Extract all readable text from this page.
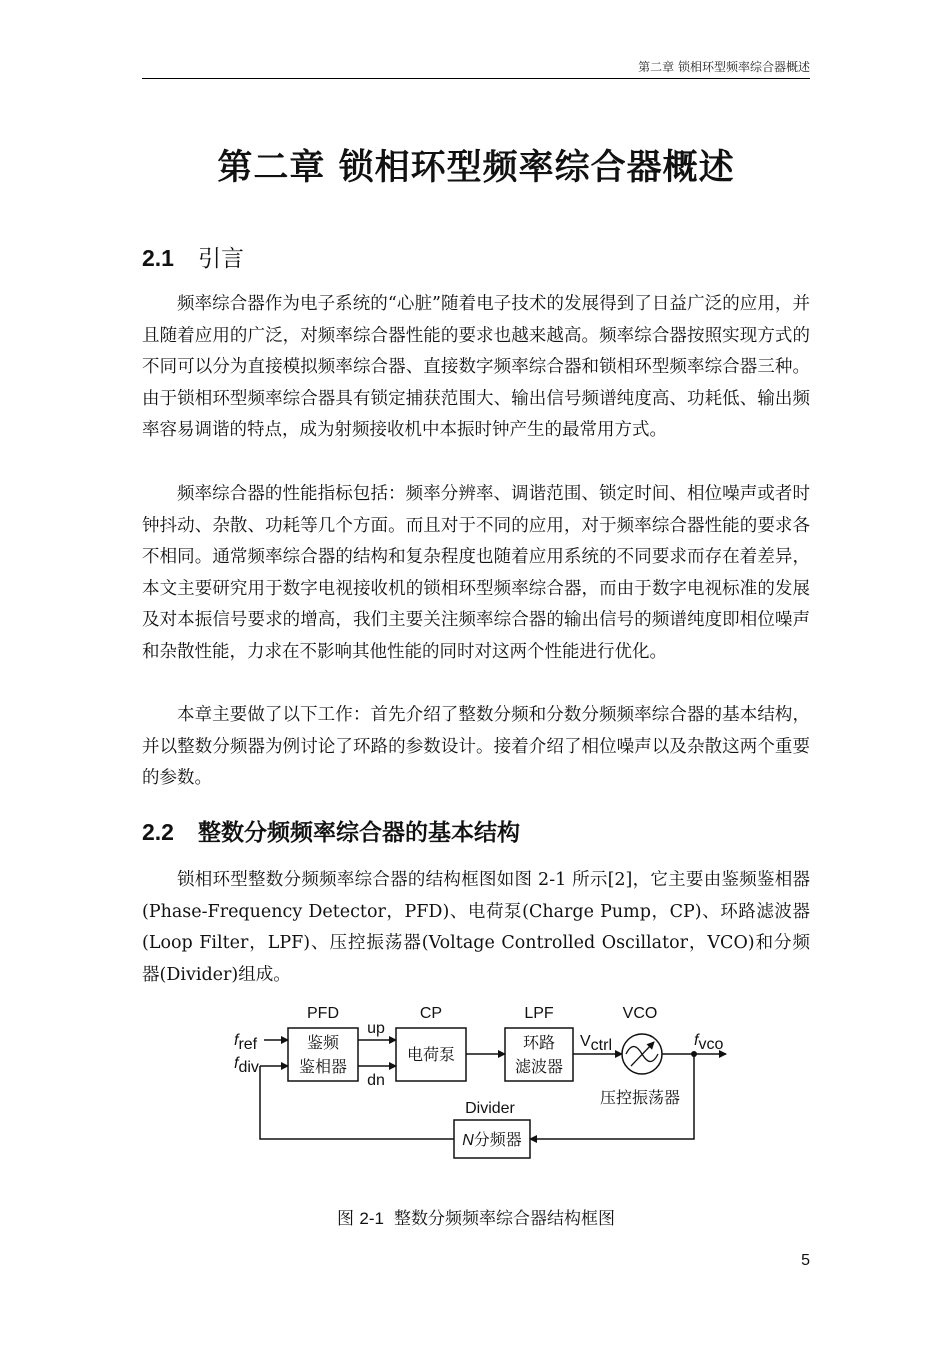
第二章 锁相环型频率综合器概述
第二章 锁相环型频率综合器概述
2.1 引言

频率综合器作为电子系统的“心脏”随着电子技术的发展得到了日益广泛的应用，并且随着应用的广泛，对频率综合器性能的要求也越来越高。频率综合器按照实现方式的不同可以分为直接模拟频率综合器、直接数字频率综合器和锁相环型频率综合器三种。由于锁相环型频率综合器具有锁定捕获范围大、输出信号频谱纯度高、功耗低、输出频率容易调谐的特点，成为射频接收机中本振时钟产生的最常用方式。

频率综合器的性能指标包括：频率分辨率、调谐范围、锁定时间、相位噪声或者时钟抖动、杂散、功耗等几个方面。而且对于不同的应用，对于频率综合器性能的要求各不相同。通常频率综合器的结构和复杂程度也随着应用系统的不同要求而存在着差异，本文主要研究用于数字电视接收机的锁相环型频率综合器，而由于数字电视标准的发展及对本振信号要求的增高，我们主要关注频率综合器的输出信号的频谱纯度即相位噪声和杂散性能，力求在不影响其他性能的同时对这两个性能进行优化。

本章主要做了以下工作：首先介绍了整数分频和分数分频频率综合器的基本结构，并以整数分频器为例讨论了环路的参数设计。接着介绍了相位噪声以及杂散这两个重要的参数。

2.2 整数分频频率综合器的基本结构

锁相环型整数分频频率综合器的结构框图如图 2-1 所示[2]，它主要由鉴频鉴相器(Phase-Frequency Detector，PFD)、电荷泵(Charge Pump，CP)、环路滤波器(Loop Filter，LPF)、压控振荡器(Voltage Controlled Oscillator，VCO)和分频器(Divider)组成。

PFD	CP	LPF	VCO
Divider
鉴频
鉴相器
电荷泵
环路
滤波器
压控振荡器
N分频器
fref
fdiv
up
dn
Vctrl	fvco

图 2-1 整数分频频率综合器结构框图

5
